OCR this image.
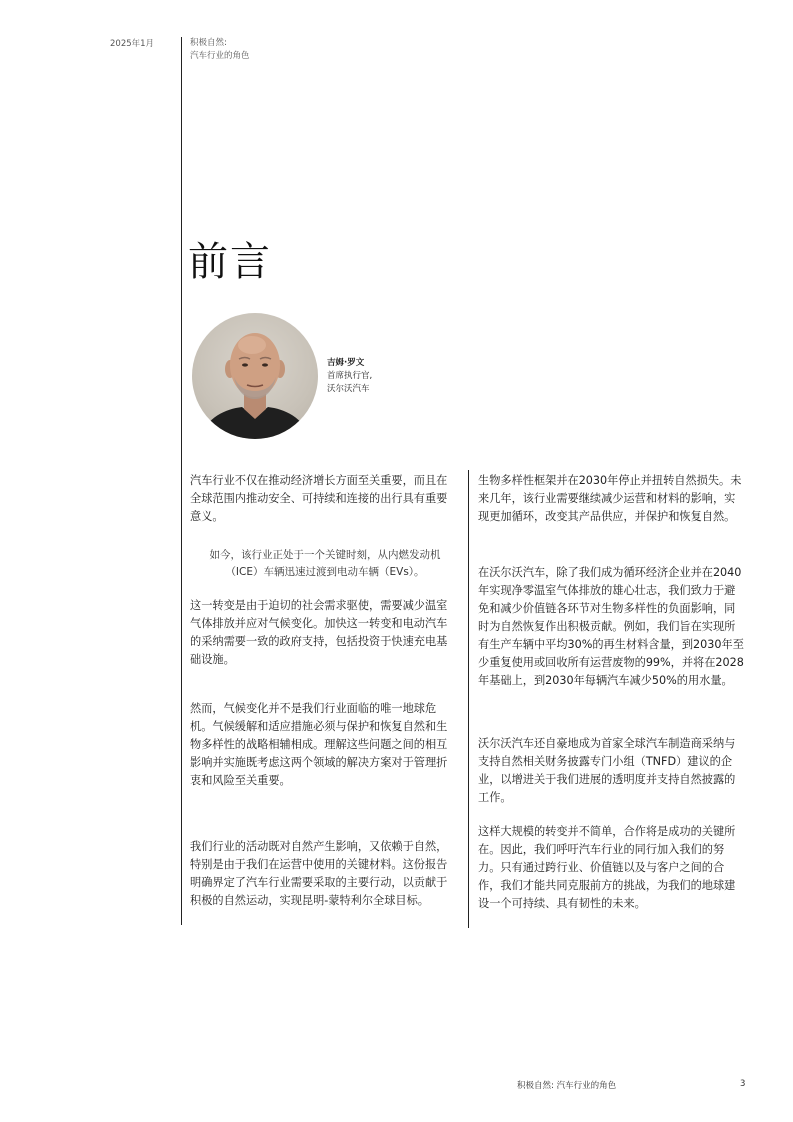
2025年1月	积极自然:
汽车行业的角色
前言
吉姆·罗文
首席执行官,
沃尔沃汽车

汽车行业不仅在推动经济增长方面至关重要，而且在全球范围内推动安全、可持续和连接的出行具有重要意义。

如今，该行业正处于一个关键时刻，从内燃发动机（ICE）车辆迅速过渡到电动车辆（EVs）。

这一转变是由于迫切的社会需求驱使，需要减少温室气体排放并应对气候变化。加快这一转变和电动汽车的采纳需要一致的政府支持，包括投资于快速充电基础设施。

然而，气候变化并不是我们行业面临的唯一地球危机。气候缓解和适应措施必须与保护和恢复自然和生物多样性的战略相辅相成。理解这些问题之间的相互影响并实施既考虑这两个领域的解决方案对于管理折衷和风险至关重要。

我们行业的活动既对自然产生影响，又依赖于自然，特别是由于我们在运营中使用的关键材料。这份报告明确界定了汽车行业需要采取的主要行动，以贡献于积极的自然运动，实现昆明-蒙特利尔全球目标。

生物多样性框架并在2030年停止并扭转自然损失。未来几年，该行业需要继续减少运营和材料的影响，实现更加循环，改变其产品供应，并保护和恢复自然。

在沃尔沃汽车，除了我们成为循环经济企业并在2040年实现净零温室气体排放的雄心壮志，我们致力于避免和减少价值链各环节对生物多样性的负面影响，同时为自然恢复作出积极贡献。例如，我们旨在实现所有生产车辆中平均30%的再生材料含量，到2030年至少重复使用或回收所有运营废物的99%，并将在2028年基础上，到2030年每辆汽车减少50%的用水量。

沃尔沃汽车还自豪地成为首家全球汽车制造商采纳与支持自然相关财务披露专门小组（TNFD）建议的企业，以增进关于我们进展的透明度并支持自然披露的工作。

这样大规模的转变并不简单，合作将是成功的关键所在。因此，我们呼吁汽车行业的同行加入我们的努力。只有通过跨行业、价值链以及与客户之间的合作，我们才能共同克服前方的挑战，为我们的地球建设一个可持续、具有韧性的未来。

积极自然: 汽车行业的角色	3
